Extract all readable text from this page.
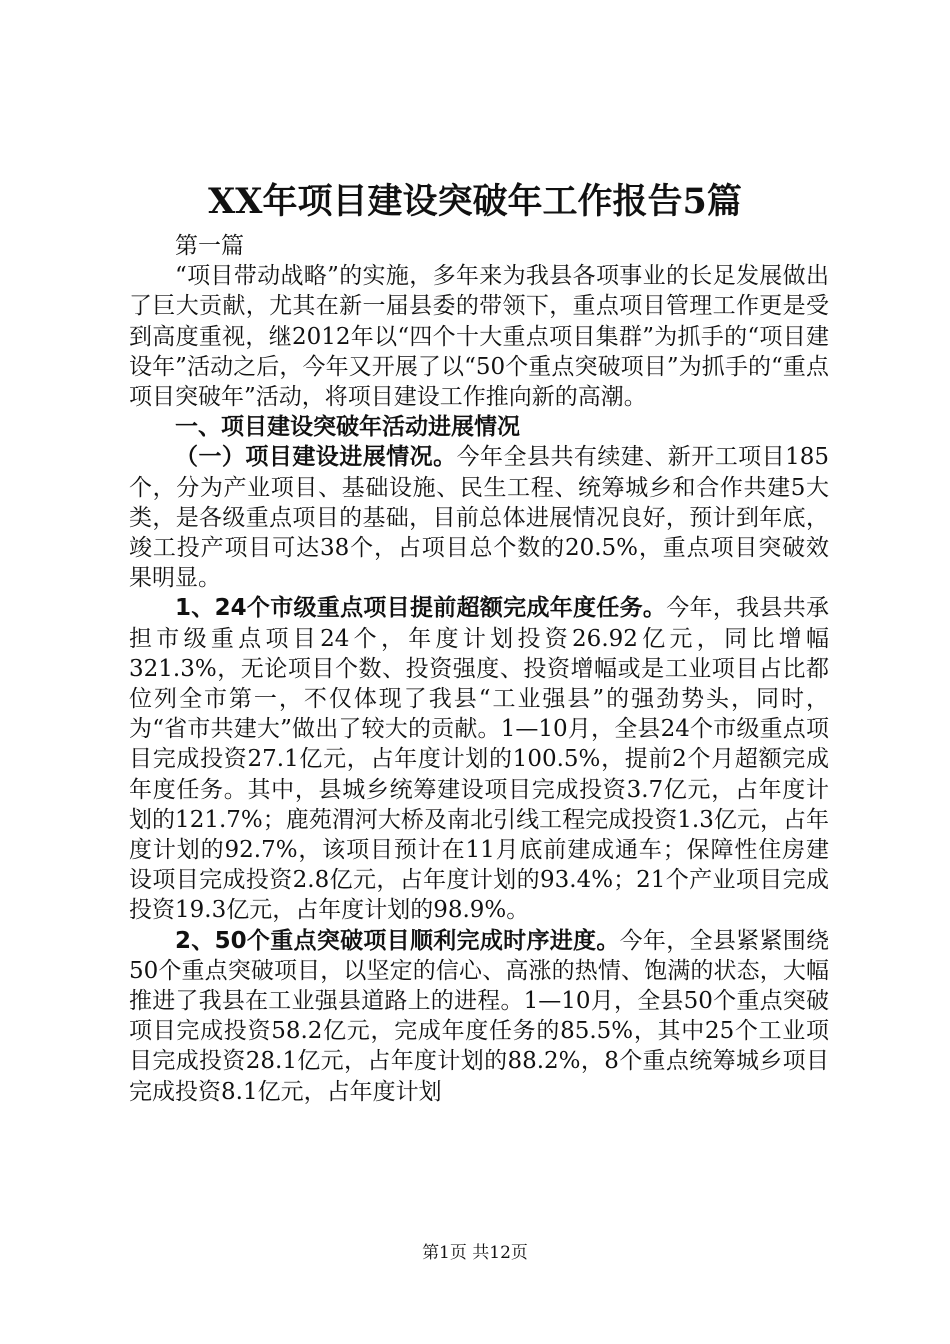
XX年项目建设突破年工作报告5篇

第一篇

“项目带动战略”的实施，多年来为我县各项事业的长足发展做出了巨大贡献，尤其在新一届县委的带领下，重点项目管理工作更是受到高度重视，继2012年以“四个十大重点项目集群”为抓手的“项目建设年”活动之后，今年又开展了以“50个重点突破项目”为抓手的“重点项目突破年”活动，将项目建设工作推向新的高潮。

一、项目建设突破年活动进展情况

（一）项目建设进展情况。今年全县共有续建、新开工项目185个，分为产业项目、基础设施、民生工程、统筹城乡和合作共建5大类，是各级重点项目的基础，目前总体进展情况良好，预计到年底，竣工投产项目可达38个，占项目总个数的20.5%，重点项目突破效果明显。

1、24个市级重点项目提前超额完成年度任务。今年，我县共承担市级重点项目24个，年度计划投资26.92亿元，同比增幅321.3%，无论项目个数、投资强度、投资增幅或是工业项目占比都位列全市第一，不仅体现了我县“工业强县”的强劲势头，同时，为“省市共建大”做出了较大的贡献。1—10月，全县24个市级重点项目完成投资27.1亿元，占年度计划的100.5%，提前2个月超额完成年度任务。其中，县城乡统筹建设项目完成投资3.7亿元，占年度计划的121.7%；鹿苑渭河大桥及南北引线工程完成投资1.3亿元，占年度计划的92.7%，该项目预计在11月底前建成通车；保障性住房建设项目完成投资2.8亿元，占年度计划的93.4%；21个产业项目完成投资19.3亿元，占年度计划的98.9%。

2、50个重点突破项目顺利完成时序进度。今年，全县紧紧围绕50个重点突破项目，以坚定的信心、高涨的热情、饱满的状态，大幅推进了我县在工业强县道路上的进程。1—10月，全县50个重点突破项目完成投资58.2亿元，完成年度任务的85.5%，其中25个工业项目完成投资28.1亿元，占年度计划的88.2%，8个重点统筹城乡项目完成投资8.1亿元，占年度计划

第1页 共12页
